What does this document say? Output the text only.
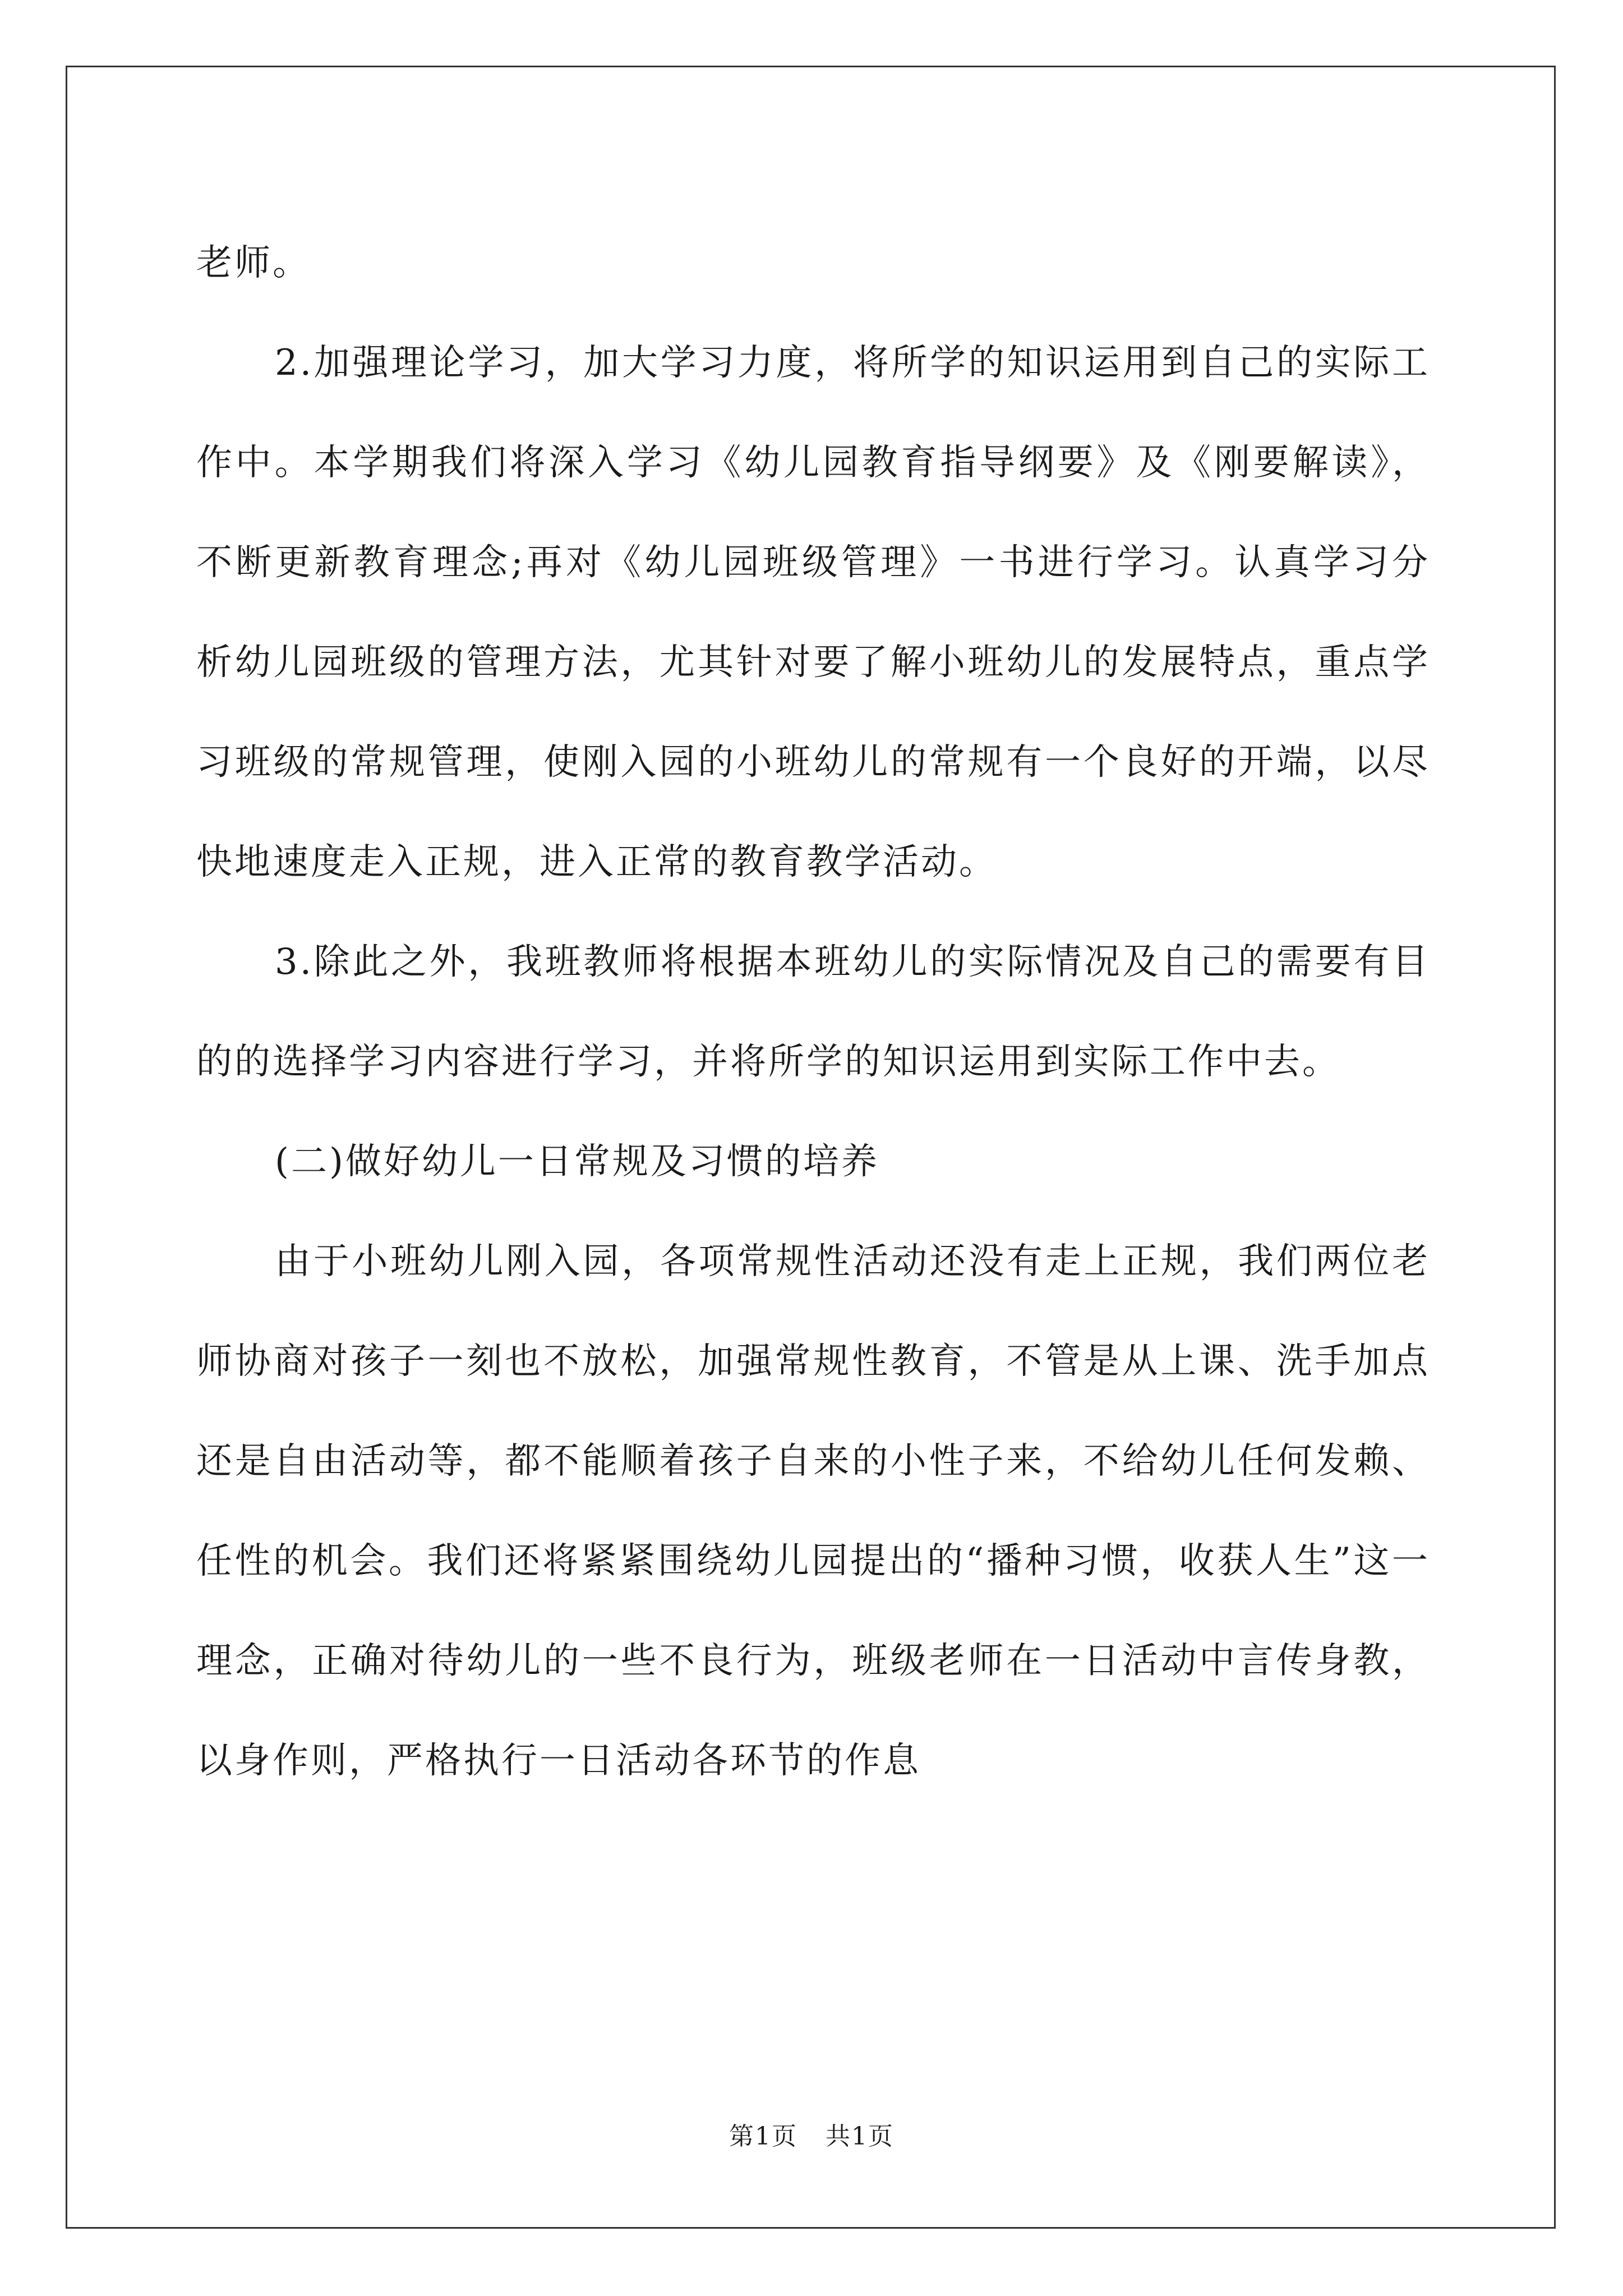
老师。

2.加强理论学习，加大学习力度，将所学的知识运用到自己的实际工作中。本学期我们将深入学习《幼儿园教育指导纲要》及《刚要解读》，不断更新教育理念;再对《幼儿园班级管理》一书进行学习。认真学习分析幼儿园班级的管理方法，尤其针对要了解小班幼儿的发展特点，重点学习班级的常规管理，使刚入园的小班幼儿的常规有一个良好的开端，以尽快地速度走入正规，进入正常的教育教学活动。

3.除此之外，我班教师将根据本班幼儿的实际情况及自己的需要有目的的选择学习内容进行学习，并将所学的知识运用到实际工作中去。

(二)做好幼儿一日常规及习惯的培养

由于小班幼儿刚入园，各项常规性活动还没有走上正规，我们两位老师协商对孩子一刻也不放松，加强常规性教育，不管是从上课、洗手加点还是自由活动等，都不能顺着孩子自来的小性子来，不给幼儿任何发赖、任性的机会。我们还将紧紧围绕幼儿园提出的“播种习惯，收获人生”这一理念，正确对待幼儿的一些不良行为，班级老师在一日活动中言传身教，以身作则，严格执行一日活动各环节的作息

第1页 共1页
